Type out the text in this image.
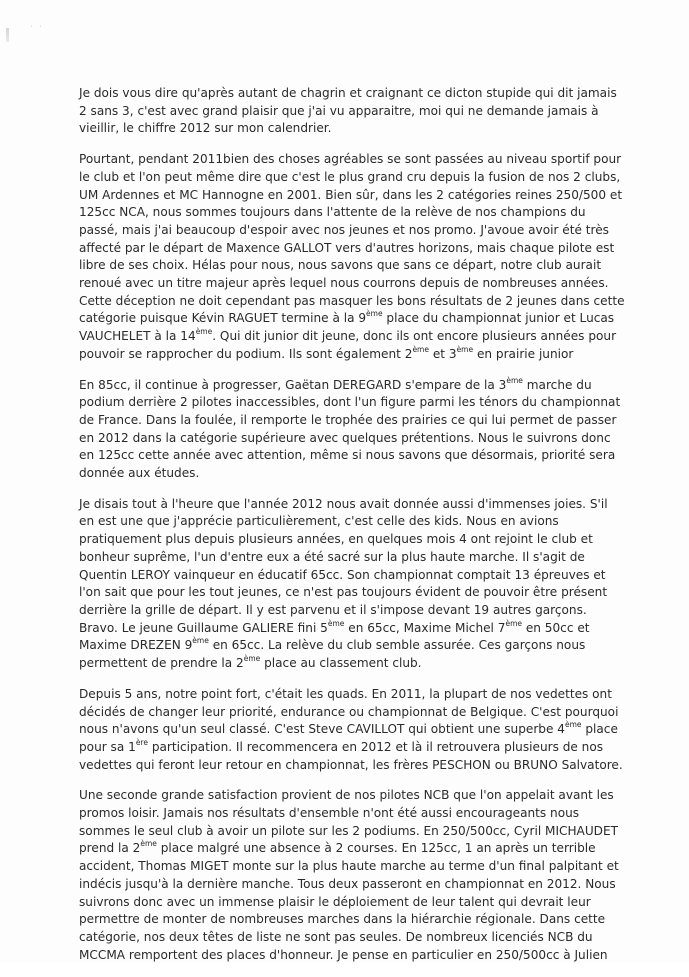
· ·

Je dois vous dire qu'après autant de chagrin et craignant ce dicton stupide qui dit jamais 2 sans 3, c'est avec grand plaisir que j'ai vu apparaitre, moi qui ne demande jamais à vieillir, le chiffre 2012 sur mon calendrier.

Pourtant, pendant 2011bien des choses agréables se sont passées au niveau sportif pour le club et l'on peut même dire que c'est le plus grand cru depuis la fusion de nos 2 clubs, UM Ardennes et MC Hannogne en 2001. Bien sûr, dans les 2 catégories reines 250/500 et 125cc NCA, nous sommes toujours dans l'attente de la relève de nos champions du passé, mais j'ai beaucoup d'espoir avec nos jeunes et nos promo. J'avoue avoir été très affecté par le départ de Maxence GALLOT vers d'autres horizons, mais chaque pilote est libre de ses choix. Hélas pour nous, nous savons que sans ce départ, notre club aurait renoué avec un titre majeur après lequel nous courrons depuis de nombreuses années. Cette déception ne doit cependant pas masquer les bons résultats de 2 jeunes dans cette catégorie puisque Kévin RAGUET termine à la 9ème place du championnat junior et Lucas VAUCHELET à la 14ème. Qui dit junior dit jeune, donc ils ont encore plusieurs années pour pouvoir se rapprocher du podium. Ils sont également 2ème et 3ème en prairie junior

En 85cc, il continue à progresser, Gaëtan DEREGARD s'empare de la 3ème marche du podium derrière 2 pilotes inaccessibles, dont l'un figure parmi les ténors du championnat de France. Dans la foulée, il remporte le trophée des prairies ce qui lui permet de passer en 2012 dans la catégorie supérieure avec quelques prétentions. Nous le suivrons donc en 125cc cette année avec attention, même si nous savons que désormais, priorité sera donnée aux études.

Je disais tout à l'heure que l'année 2012 nous avait donnée aussi d'immenses joies. S'il en est une que j'apprécie particulièrement, c'est celle des kids. Nous en avions pratiquement plus depuis plusieurs années, en quelques mois 4 ont rejoint le club et bonheur suprême, l'un d'entre eux a été sacré sur la plus haute marche. Il s'agit de Quentin LEROY vainqueur en éducatif 65cc. Son championnat comptait 13 épreuves et l'on sait que pour les tout jeunes, ce n'est pas toujours évident de pouvoir être présent derrière la grille de départ. Il y est parvenu et il s'impose devant 19 autres garçons. Bravo. Le jeune Guillaume GALIERE fini 5ème en 65cc, Maxime Michel 7ème en 50cc et Maxime DREZEN 9ème en 65cc. La relève du club semble assurée. Ces garçons nous permettent de prendre la 2ème place au classement club.

Depuis 5 ans, notre point fort, c'était les quads. En 2011, la plupart de nos vedettes ont décidés de changer leur priorité, endurance ou championnat de Belgique. C'est pourquoi nous n'avons qu'un seul classé. C'est Steve CAVILLOT qui obtient une superbe 4ème place pour sa 1ère participation. Il recommencera en 2012 et là il retrouvera plusieurs de nos vedettes qui feront leur retour en championnat, les frères PESCHON ou BRUNO Salvatore.

Une seconde grande satisfaction provient de nos pilotes NCB que l'on appelait avant les promos loisir. Jamais nos résultats d'ensemble n'ont été aussi encourageants nous sommes le seul club à avoir un pilote sur les 2 podiums. En 250/500cc, Cyril MICHAUDET prend la 2ème place malgré une absence à 2 courses. En 125cc, 1 an après un terrible accident, Thomas MIGET monte sur la plus haute marche au terme d'un final palpitant et indécis jusqu'à la dernière manche. Tous deux passeront en championnat en 2012. Nous suivrons donc avec un immense plaisir le déploiement de leur talent qui devrait leur permettre de monter de nombreuses marches dans la hiérarchie régionale. Dans cette catégorie, nos deux têtes de liste ne sont pas seules. De nombreux licenciés NCB du MCCMA remportent des places d'honneur. Je pense en particulier en 250/500cc à Julien
